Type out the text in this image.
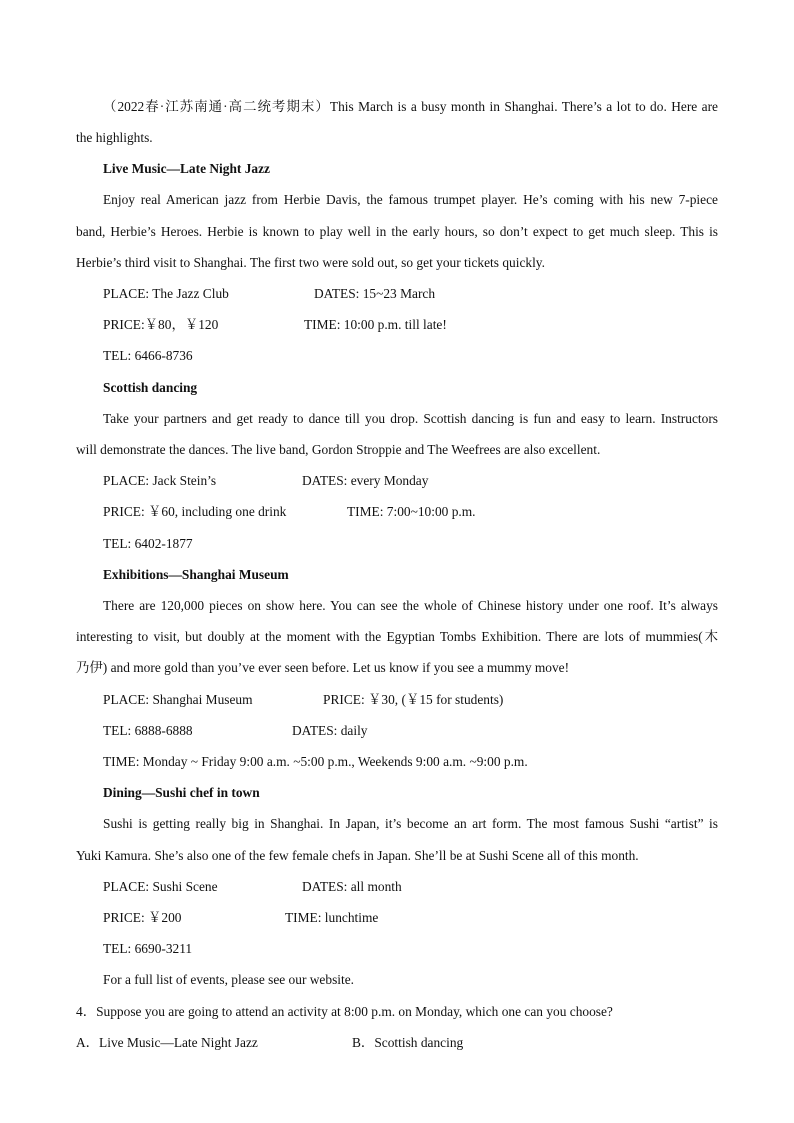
（2022春·江苏南通·高二统考期末）This March is a busy month in Shanghai. There’s a lot to do. Here are
the highlights.
Live Music—Late Night Jazz
Enjoy real American jazz from Herbie Davis, the famous trumpet player. He’s coming with his new 7-piece
band, Herbie’s Heroes. Herbie is known to play well in the early hours, so don’t expect to get much sleep. This is
Herbie’s third visit to Shanghai. The first two were sold out, so get your tickets quickly.
PLACE: The Jazz Club	DATES: 15~23 March
PRICE:￥80，￥120	TIME: 10:00 p.m. till late!
TEL: 6466-8736
Scottish dancing
Take your partners and get ready to dance till you drop. Scottish dancing is fun and easy to learn. Instructors
will demonstrate the dances. The live band, Gordon Stroppie and The Weefrees are also excellent.
PLACE: Jack Stein’s	DATES: every Monday
PRICE: ￥60, including one drink	TIME: 7:00~10:00 p.m.
TEL: 6402-1877
Exhibitions—Shanghai Museum
There are 120,000 pieces on show here. You can see the whole of Chinese history under one roof. It’s always
interesting to visit, but doubly at the moment with the Egyptian Tombs Exhibition. There are lots of mummies(木
乃伊) and more gold than you’ve ever seen before. Let us know if you see a mummy move!
PLACE: Shanghai Museum	PRICE: ￥30, (￥15 for students)
TEL: 6888-6888	DATES: daily
TIME: Monday ~ Friday 9:00 a.m. ~5:00 p.m., Weekends 9:00 a.m. ~9:00 p.m.
Dining—Sushi chef in town
Sushi is getting really big in Shanghai. In Japan, it’s become an art form. The most famous Sushi “artist” is
Yuki Kamura. She’s also one of the few female chefs in Japan. She’ll be at Sushi Scene all of this month.
PLACE: Sushi Scene	DATES: all month
PRICE: ￥200	TIME: lunchtime
TEL: 6690-3211
For a full list of events, please see our website.
4．Suppose you are going to attend an activity at 8:00 p.m. on Monday, which one can you choose?
A．Live Music—Late Night Jazz	B．Scottish dancing
